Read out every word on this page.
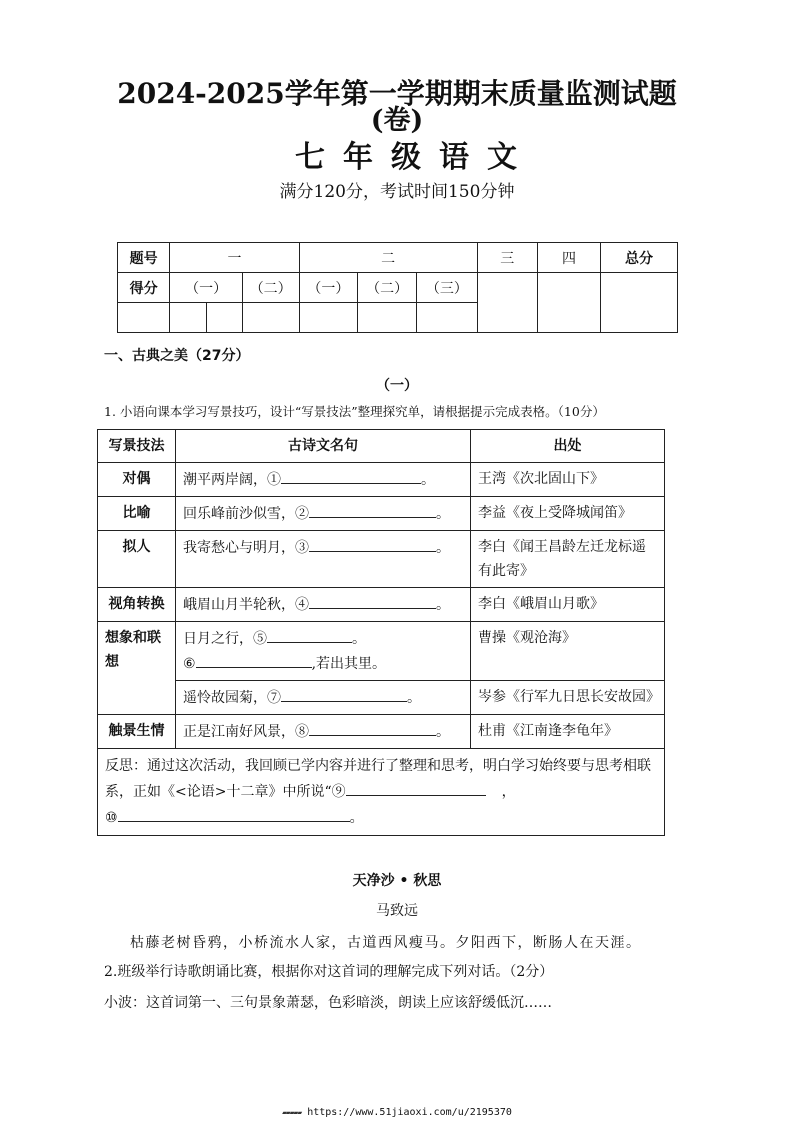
2024-2025学年第一学期期末质量监测试题
(卷)
七年级语文
满分120分，考试时间150分钟
题号	一			二			三	四	总分
得分	（一）		（二）	（一）	（二）	（三）			

一、古典之美（27分）
（一）
1. 小语向课本学习写景技巧，设计“写景技法”整理探究单，请根据提示完成表格。（10分）
写景技法	古诗文名句	出处
对偶	潮平两岸阔，① 。	王湾《次北固山下》
比喻	回乐峰前沙似雪，② 。	李益《夜上受降城闻笛》
拟人	我寄愁心与明月，③ 。	李白《闻王昌龄左迁龙标遥有此寄》
视角转换	峨眉山月半轮秋，④ 。	李白《峨眉山月歌》
想象和联想	日月之行，⑤ 。
⑥ ,若出其里。	曹操《观沧海》
	遥怜故园菊，⑦ 。	岑参《行军九日思长安故园》
触景生情	正是江南好风景，⑧ 。	杜甫《江南逢李龟年》
反思：通过这次活动，我回顾已学内容并进行了整理和思考，明白学习始终要与思考相联系，正如《<论语>十二章》中所说“⑨ ，
⑩ 。		
天净沙 • 秋思
马致远
枯藤老树昏鸦，小桥流水人家，古道西风瘦马。夕阳西下，断肠人在天涯。
2.班级举行诗歌朗诵比赛，根据你对这首词的理解完成下列对话。（2分）
小波：这首词第一、三句景象萧瑟，色彩暗淡，朗读上应该舒缓低沉……
▰▰▰▰▰ https://www.51jiaoxi.com/u/2195370
